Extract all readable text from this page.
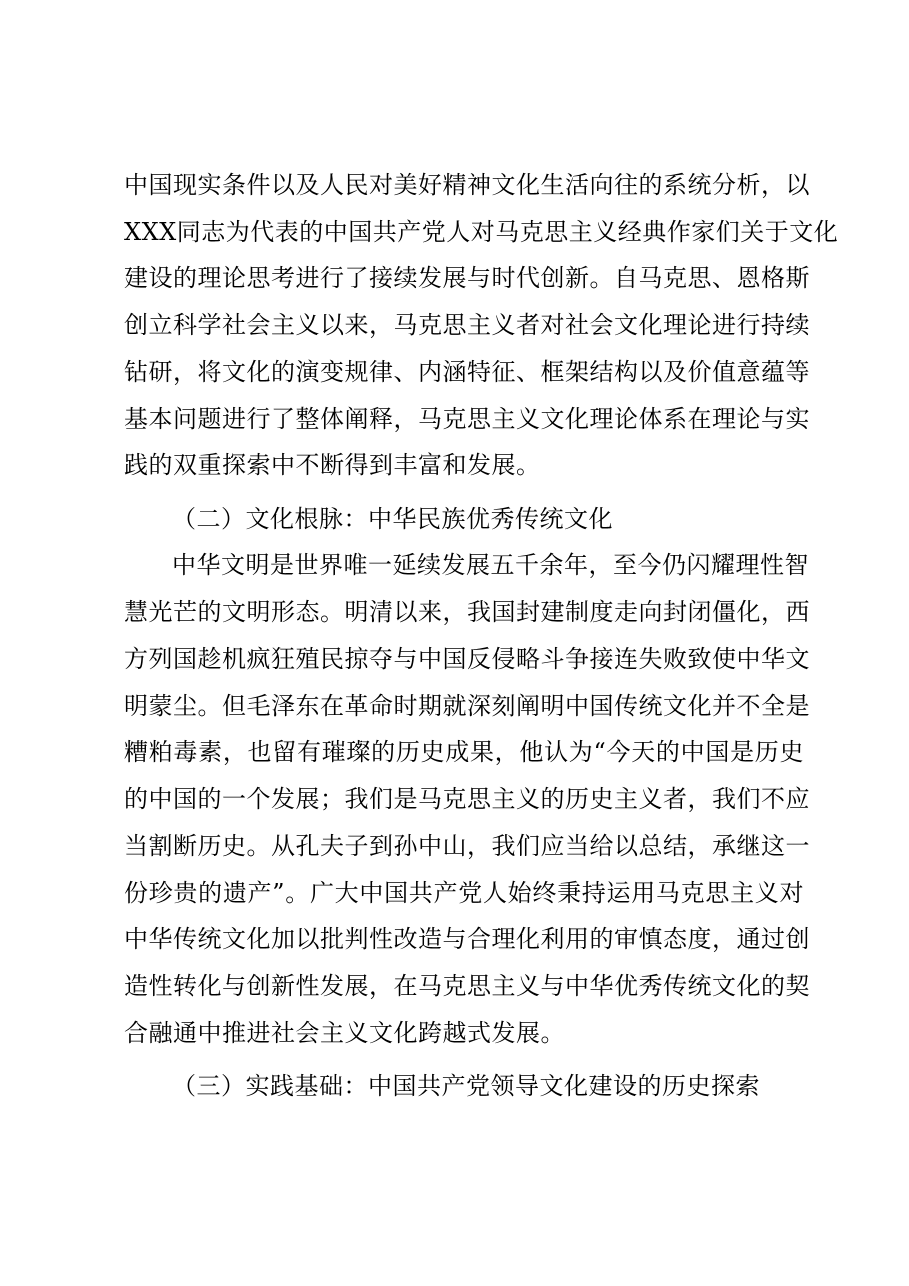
中国现实条件以及人民对美好精神文化生活向往的系统分析，以
XXX同志为代表的中国共产党人对马克思主义经典作家们关于文化
建设的理论思考进行了接续发展与时代创新。自马克思、恩格斯
创立科学社会主义以来，马克思主义者对社会文化理论进行持续
钻研，将文化的演变规律、内涵特征、框架结构以及价值意蕴等
基本问题进行了整体阐释，马克思主义文化理论体系在理论与实
践的双重探索中不断得到丰富和发展。
（二）文化根脉：中华民族优秀传统文化
中华文明是世界唯一延续发展五千余年，至今仍闪耀理性智
慧光芒的文明形态。明清以来，我国封建制度走向封闭僵化，西
方列国趁机疯狂殖民掠夺与中国反侵略斗争接连失败致使中华文
明蒙尘。但毛泽东在革命时期就深刻阐明中国传统文化并不全是
糟粕毒素，也留有璀璨的历史成果，他认为“今天的中国是历史
的中国的一个发展；我们是马克思主义的历史主义者，我们不应
当割断历史。从孔夫子到孙中山，我们应当给以总结，承继这一
份珍贵的遗产”。广大中国共产党人始终秉持运用马克思主义对
中华传统文化加以批判性改造与合理化利用的审慎态度，通过创
造性转化与创新性发展，在马克思主义与中华优秀传统文化的契
合融通中推进社会主义文化跨越式发展。
（三）实践基础：中国共产党领导文化建设的历史探索
